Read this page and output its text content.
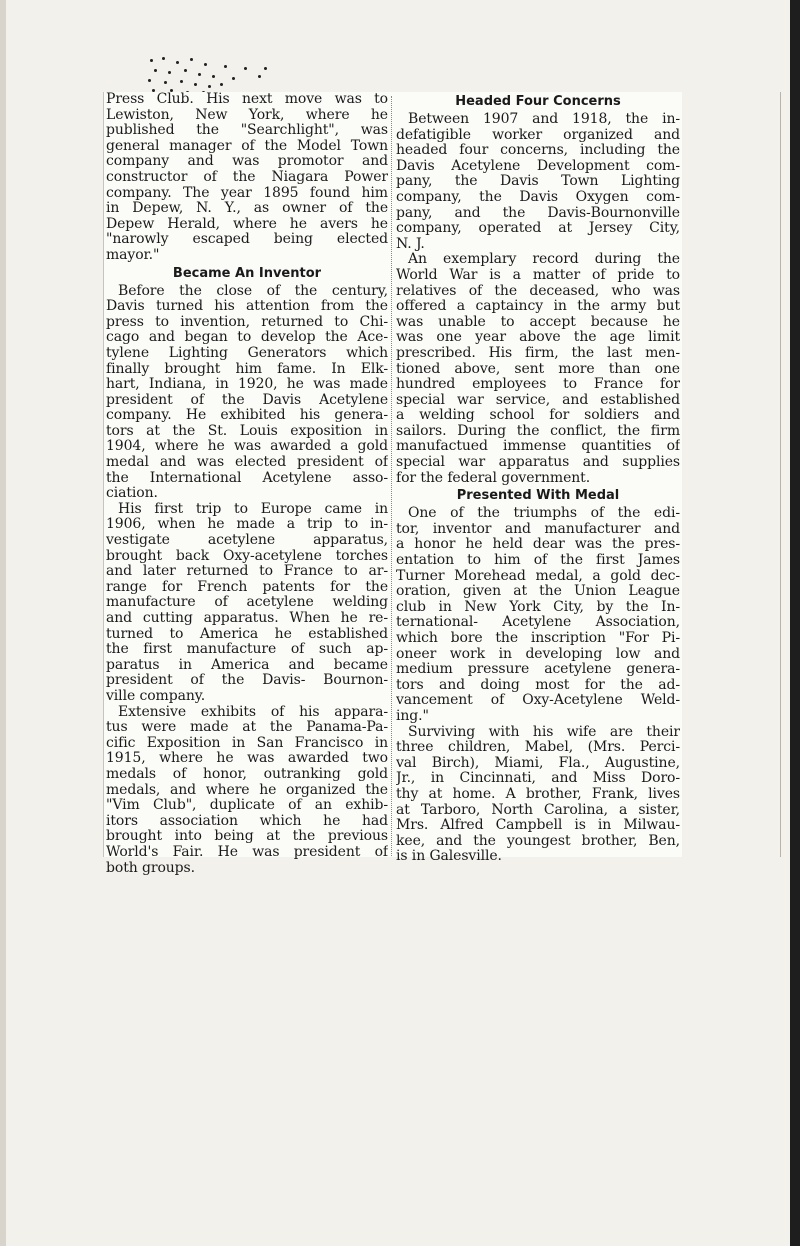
Press Club. His next move was to
Lewiston, New York, where he
published the "Searchlight", was
general manager of the Model Town
company and was promotor and
constructor of the Niagara Power
company. The year 1895 found him
in Depew, N. Y., as owner of the
Depew Herald, where he avers he
"narowly escaped being elected
mayor."
Became An Inventor
Before the close of the century,
Davis turned his attention from the
press to invention, returned to Chi-
cago and began to develop the Ace-
tylene Lighting Generators which
finally brought him fame. In Elk-
hart, Indiana, in 1920, he was made
president of the Davis Acetylene
company. He exhibited his genera-
tors at the St. Louis exposition in
1904, where he was awarded a gold
medal and was elected president of
the International Acetylene asso-
ciation.
His first trip to Europe came in
1906, when he made a trip to in-
vestigate acetylene apparatus,
brought back Oxy-acetylene torches
and later returned to France to ar-
range for French patents for the
manufacture of acetylene welding
and cutting apparatus. When he re-
turned to America he established
the first manufacture of such ap-
paratus in America and became
president of the Davis- Bournon-
ville company.
Extensive exhibits of his appara-
tus were made at the Panama-Pa-
cific Exposition in San Francisco in
1915, where he was awarded two
medals of honor, outranking gold
medals, and where he organized the
"Vim Club", duplicate of an exhib-
itors association which he had
brought into being at the previous
World's Fair. He was president of
both groups.
Headed Four Concerns
Between 1907 and 1918, the in-
defatigible worker organized and
headed four concerns, including the
Davis Acetylene Development com-
pany, the Davis Town Lighting
company, the Davis Oxygen com-
pany, and the Davis-Bournonville
company, operated at Jersey City,
N. J.
An exemplary record during the
World War is a matter of pride to
relatives of the deceased, who was
offered a captaincy in the army but
was unable to accept because he
was one year above the age limit
prescribed. His firm, the last men-
tioned above, sent more than one
hundred employees to France for
special war service, and established
a welding school for soldiers and
sailors. During the conflict, the firm
manufactued immense quantities of
special war apparatus and supplies
for the federal government.
Presented With Medal
One of the triumphs of the edi-
tor, inventor and manufacturer and
a honor he held dear was the pres-
entation to him of the first James
Turner Morehead medal, a gold dec-
oration, given at the Union League
club in New York City, by the In-
ternational- Acetylene Association,
which bore the inscription "For Pi-
oneer work in developing low and
medium pressure acetylene genera-
tors and doing most for the ad-
vancement of Oxy-Acetylene Weld-
ing."
Surviving with his wife are their
three children, Mabel, (Mrs. Perci-
val Birch), Miami, Fla., Augustine,
Jr., in Cincinnati, and Miss Doro-
thy at home. A brother, Frank, lives
at Tarboro, North Carolina, a sister,
Mrs. Alfred Campbell is in Milwau-
kee, and the youngest brother, Ben,
is in Galesville.
